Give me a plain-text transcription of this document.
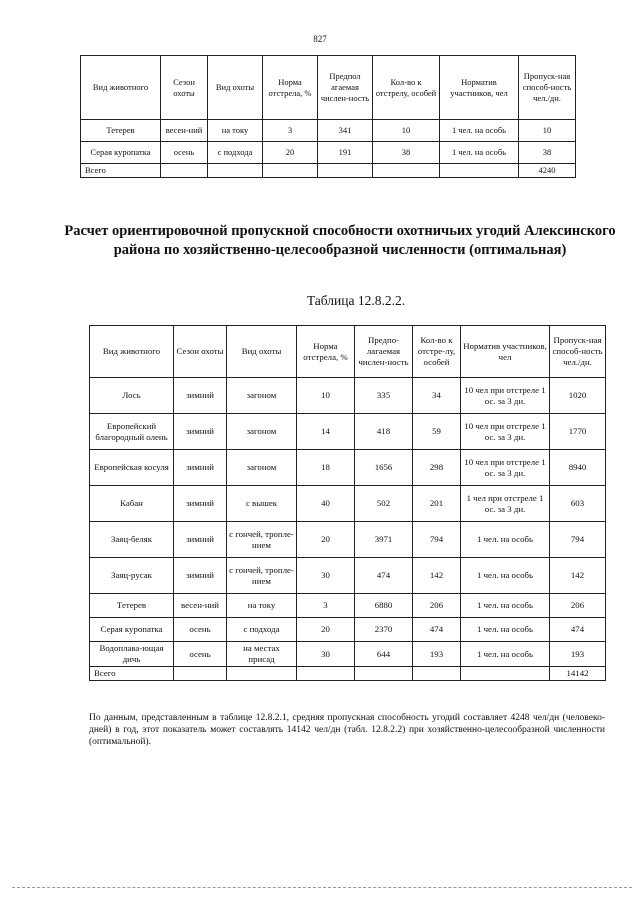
827
Вид животного	Сезон охоты	Вид охоты	Норма отстрела, %	Предпол агаемая числен-ность	Кол-во к отстрелу, особей	Норматив участников, чел	Пропуск-ная способ-ность чел./дн.
Тетерев	весен-ний	на току	3	341	10	1 чел. на особь	10
Серая куропатка	осень	с подхода	20	191	38	1 чел. на особь	38
Всего							4240
Расчет ориентировочной пропускной способности охотничьих угодий Алексинского района по хозяйственно-целесообразной численности (оптимальная)
Таблица 12.8.2.2.
Вид животного	Сезон охоты	Вид охоты	Норма отстрела, %	Предпо-лагаемая числен-ность	Кол-во к отстре-лу, особей	Норматив участников, чел	Пропуск-ная способ-ность чел./дн.
Лось	зимний	загоном	10	335	34	10 чел при отстреле 1 ос. за 3 дн.	1020
Европейский благородный олень	зимний	загоном	14	418	59	10 чел при отстреле 1 ос. за 3 дн.	1770
Европейская косуля	зимний	загоном	18	1656	298	10 чел при отстреле 1 ос. за 3 дн.	8940
Кабан	зимний	с вышек	40	502	201	1 чел при отстреле 1 ос. за 3 дн.	603
Заяц-беляк	зимний	с гончей, тропле-нием	20	3971	794	1 чел. на особь	794
Заяц-русак	зимний	с гончей, тропле-нием	30	474	142	1 чел. на особь	142
Тетерев	весен-ний	на току	3	6880	206	1 чел. на особь	206
Серая куропатка	осень	с подхода	20	2370	474	1 чел. на особь	474
Водоплава-ющая дичь	осень	на местах присад	30	644	193	1 чел. на особь	193
Всего							14142
По данным, представленным в таблице 12.8.2.1, средняя пропускная способность угодий составляет 4248 чел/дн (человеко-дней) в год, этот показатель может составлять 14142 чел/дн (табл. 12.8.2.2) при хозяйственно-целесообразной численности (оптимальной).
